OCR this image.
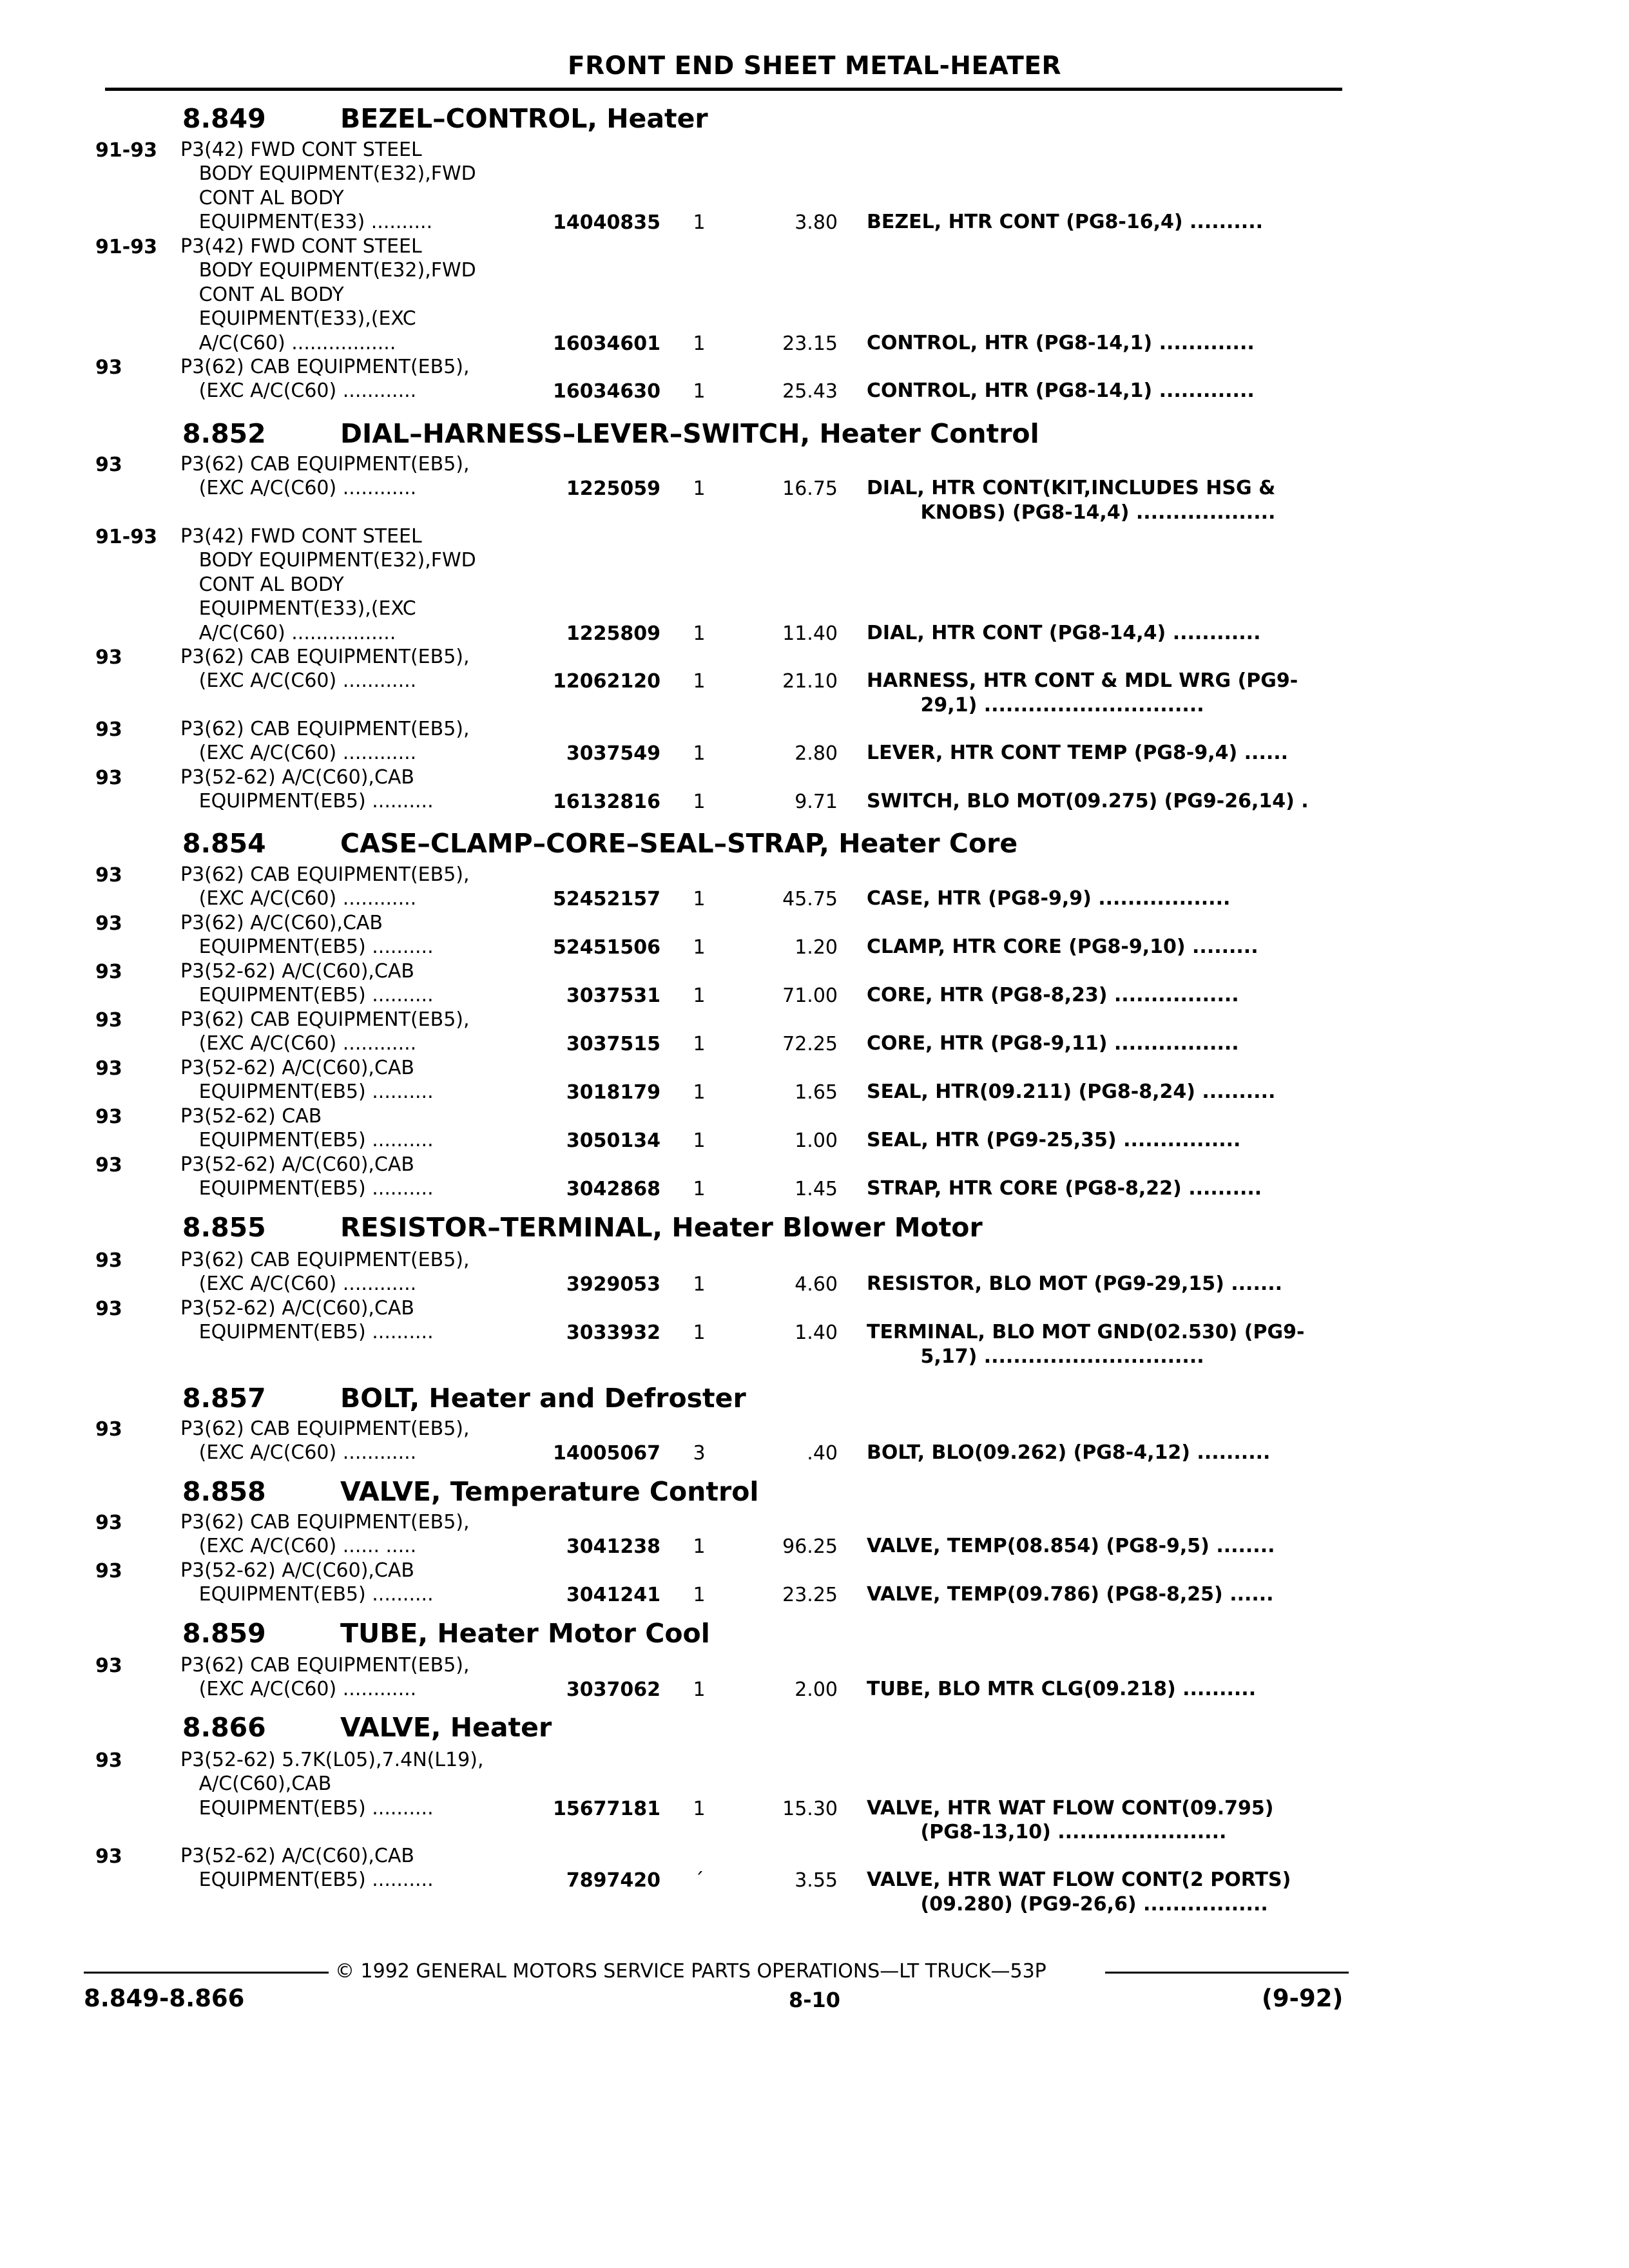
FRONT END SHEET METAL-HEATER
8.849	BEZEL–CONTROL, Heater
91-93	P3(42) FWD CONT STEEL
BODY EQUIPMENT(E32),FWD
CONT AL BODY
EQUIPMENT(E33) ..........	14040835	1	3.80 BEZEL, HTR CONT (PG8-16,4) ..........
91-93	P3(42) FWD CONT STEEL
BODY EQUIPMENT(E32),FWD
CONT AL BODY
EQUIPMENT(E33),(EXC
A/C(C60) .................	16034601	1	23.15 CONTROL, HTR (PG8-14,1) .............
93	P3(62) CAB EQUIPMENT(EB5),
(EXC A/C(C60) ............	16034630	1	25.43 CONTROL, HTR (PG8-14,1) .............
8.852	DIAL–HARNESS–LEVER–SWITCH, Heater Control
93	P3(62) CAB EQUIPMENT(EB5),
(EXC A/C(C60) ............	1225059	1	16.75 DIAL, HTR CONT(KIT,INCLUDES HSG &
KNOBS) (PG8-14,4) ...................
91-93	P3(42) FWD CONT STEEL
BODY EQUIPMENT(E32),FWD
CONT AL BODY
EQUIPMENT(E33),(EXC
A/C(C60) .................	1225809	1	11.40 DIAL, HTR CONT (PG8-14,4) ............
93	P3(62) CAB EQUIPMENT(EB5),
(EXC A/C(C60) ............	12062120	1	21.10 HARNESS, HTR CONT & MDL WRG (PG9-
29,1) ..............................
93	P3(62) CAB EQUIPMENT(EB5),
(EXC A/C(C60) ............	3037549	1	2.80 LEVER, HTR CONT TEMP (PG8-9,4) ......
93	P3(52-62) A/C(C60),CAB
EQUIPMENT(EB5) ..........	16132816	1	9.71 SWITCH, BLO MOT(09.275) (PG9-26,14) .
8.854	CASE–CLAMP–CORE–SEAL–STRAP, Heater Core
93	P3(62) CAB EQUIPMENT(EB5),
(EXC A/C(C60) ............	52452157	1	45.75 CASE, HTR (PG8-9,9) ..................
93	P3(62) A/C(C60),CAB
EQUIPMENT(EB5) ..........	52451506	1	1.20 CLAMP, HTR CORE (PG8-9,10) .........
93	P3(52-62) A/C(C60),CAB
EQUIPMENT(EB5) ..........	3037531	1	71.00 CORE, HTR (PG8-8,23) .................
93	P3(62) CAB EQUIPMENT(EB5),
(EXC A/C(C60) ............	3037515	1	72.25 CORE, HTR (PG8-9,11) .................
93	P3(52-62) A/C(C60),CAB
EQUIPMENT(EB5) ..........	3018179	1	1.65 SEAL, HTR(09.211) (PG8-8,24) ..........
93	P3(52-62) CAB
EQUIPMENT(EB5) ..........	3050134	1	1.00 SEAL, HTR (PG9-25,35) ................
93	P3(52-62) A/C(C60),CAB
EQUIPMENT(EB5) ..........	3042868	1	1.45 STRAP, HTR CORE (PG8-8,22) ..........
8.855	RESISTOR–TERMINAL, Heater Blower Motor
93	P3(62) CAB EQUIPMENT(EB5),
(EXC A/C(C60) ............	3929053	1	4.60 RESISTOR, BLO MOT (PG9-29,15) .......
93	P3(52-62) A/C(C60),CAB
EQUIPMENT(EB5) ..........	3033932	1	1.40 TERMINAL, BLO MOT GND(02.530) (PG9-
5,17) ..............................
8.857	BOLT, Heater and Defroster
93	P3(62) CAB EQUIPMENT(EB5),
(EXC A/C(C60) ............	14005067	3	.40 BOLT, BLO(09.262) (PG8-4,12) ..........
8.858	VALVE, Temperature Control
93	P3(62) CAB EQUIPMENT(EB5),
(EXC A/C(C60) ...... .....	3041238	1	96.25 VALVE, TEMP(08.854) (PG8-9,5) ........
93	P3(52-62) A/C(C60),CAB
EQUIPMENT(EB5) ..........	3041241	1	23.25 VALVE, TEMP(09.786) (PG8-8,25) ......
8.859	TUBE, Heater Motor Cool
93	P3(62) CAB EQUIPMENT(EB5),
(EXC A/C(C60) ............	3037062	1	2.00 TUBE, BLO MTR CLG(09.218) ..........
8.866	VALVE, Heater
93	P3(52-62) 5.7K(L05),7.4N(L19),
A/C(C60),CAB
EQUIPMENT(EB5) ..........	15677181	1	15.30 VALVE, HTR WAT FLOW CONT(09.795)
(PG8-13,10) .......................
93	P3(52-62) A/C(C60),CAB
EQUIPMENT(EB5) ..........	7897420	´	3.55 VALVE, HTR WAT FLOW CONT(2 PORTS)
(09.280) (PG9-26,6) .................
© 1992 GENERAL MOTORS SERVICE PARTS OPERATIONS—LT TRUCK—53P
8.849-8.866	8-10	(9-92)
